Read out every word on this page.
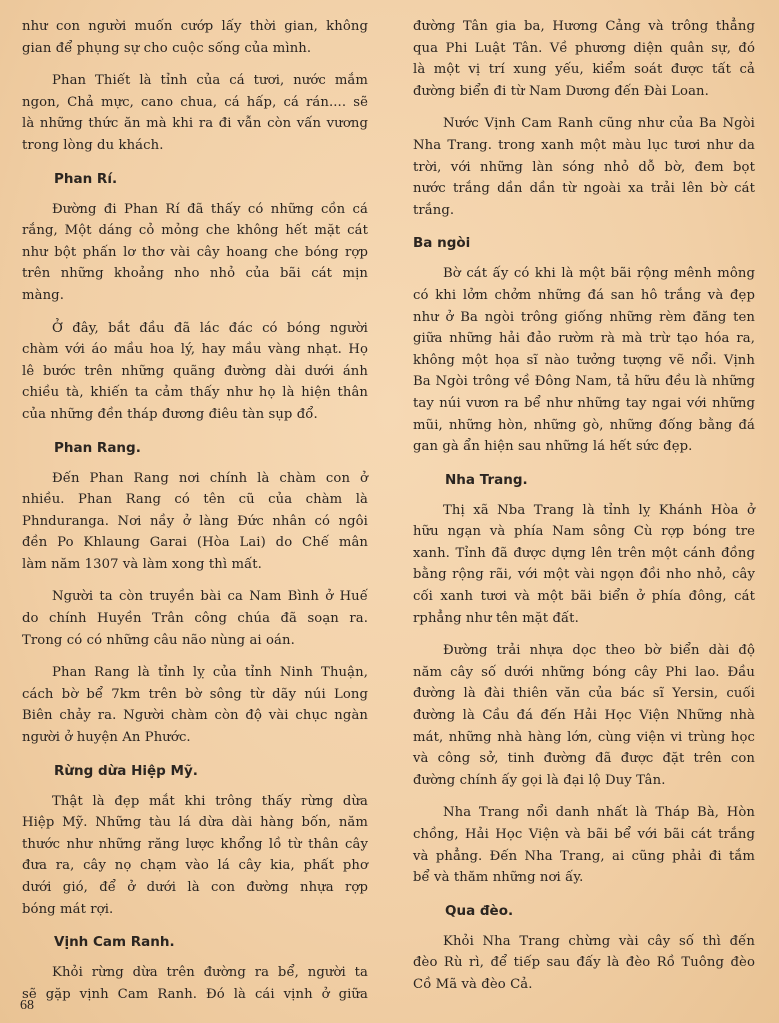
như con người muốn cướp lấy thời gian, không
gian để phụng sự cho cuộc sống của mình.
Phan Thiết là tỉnh của cá tươi, nước mắm
ngon, Chả mực, cano chua, cá hấp, cá rán.... sẽ
là những thức ăn mà khi ra đi vẫn còn vấn vương
trong lòng du khách.
Phan Rí.
Đường đi Phan Rí đã thấy có những cồn cá
rắng, Một dáng cỏ mỏng che không hết mặt cát
như bột phấn lơ thơ vài cây hoang che bóng rợp
trên những khoảng nho nhỏ của bãi cát mịn
màng.
Ở đây, bắt đầu đã lác đác có bóng người
chàm với áo mầu hoa lý, hay mầu vàng nhạt. Họ
lê bước trên những quãng đường dài dưới ánh
chiều tà, khiến ta cảm thấy như họ là hiện thân
của những đền tháp đương điêu tàn sụp đổ.
Phan Rang.
Đến Phan Rang nơi chính là chàm con ở
nhiều. Phan Rang có tên cũ của chàm là
Phnduranga. Nơi nầy ở làng Đức nhân có ngôi
đền Po Khlaung Garai (Hòa Lai) do Chế mân
làm năm 1307 và làm xong thì mất.
Người ta còn truyền bài ca Nam Bình ở Huế
do chính Huyền Trân công chúa đã soạn ra.
Trong có có những câu não nùng ai oán.
Phan Rang là tỉnh lỵ của tỉnh Ninh Thuận,
cách bờ bể 7km trên bờ sông từ dãy núi Long
Biên chảy ra. Người chàm còn độ vài chục ngàn
người ở huyện An Phước.
Rừng dừa Hiệp Mỹ.
Thật là đẹp mắt khi trông thấy rừng dừa
Hiệp Mỹ. Những tàu lá dừa dài hàng bốn, năm
thước như những răng lược khổng lồ từ thân cây
đưa ra, cây nọ chạm vào lá cây kia, phất phơ
dưới gió, để ở dưới là con đường nhựa rợp
bóng mát rợi.
Vịnh Cam Ranh.
Khỏi rừng dừa trên đường ra bể, người ta
sẽ gặp vịnh Cam Ranh. Đó là cái vịnh ở giữa
đường Tân gia ba, Hương Cảng và trông thẳng
qua Phi Luật Tân. Về phương diện quân sự, đó
là một vị trí xung yếu, kiểm soát được tất cả
đường biển đi từ Nam Dương đến Đài Loan.
Nước Vịnh Cam Ranh cũng như của Ba Ngòi
Nha Trang. trong xanh một màu lục tươi như da
trời, với những làn sóng nhỏ dỗ bờ, đem bọt
nước trắng dần dần từ ngoài xa trải lên bờ cát
trắng.
Ba ngòi
Bờ cát ấy có khi là một bãi rộng mênh mông
có khi lởm chởm những đá san hô trắng và đẹp
như ở Ba ngòi trông giống những rèm đăng ten
giữa những hải đảo rườm rà mà trừ tạo hóa ra,
không một họa sĩ nào tưởng tượng vẽ nổi. Vịnh
Ba Ngòi trông về Đông Nam, tả hữu đều là những
tay núi vươn ra bể như những tay ngai với những
mũi, những hòn, những gò, những đống bằng đá
gan gà ẩn hiện sau những lá hết sức đẹp.
Nha Trang.
Thị xã Nba Trang là tỉnh lỵ Khánh Hòa ở
hữu ngạn và phía Nam sông Cù rợp bóng tre
xanh. Tỉnh đã được dựng lên trên một cánh đồng
bằng rộng rãi, với một vài ngọn đồi nho nhỏ, cây
cối xanh tươi và một bãi biển ở phía đông, cát
rphẳng như tên mặt đất.
Đường trải nhựa dọc theo bờ biển dài độ
năm cây số dưới những bóng cây Phi lao. Đầu
đường là đài thiên văn của bác sĩ Yersin, cuối
đường là Cầu đá đến Hải Học Viện Những nhà
mát, những nhà hàng lớn, cùng viện vi trùng học
và công sở, tinh đường đã được đặt trên con
đường chính ấy gọi là đại lộ Duy Tân.
Nha Trang nổi danh nhất là Tháp Bà, Hòn
chồng, Hải Học Viện và bãi bể với bãi cát trắng
và phẳng. Đến Nha Trang, ai cũng phải đi tắm
bể và thăm những nơi ấy.
Qua đèo.
Khỏi Nha Trang chừng vài cây số thì đến
đèo Rù rì, để tiếp sau đấy là đèo Rồ Tuông đèo
Cồ Mã và đèo Cả.
68
